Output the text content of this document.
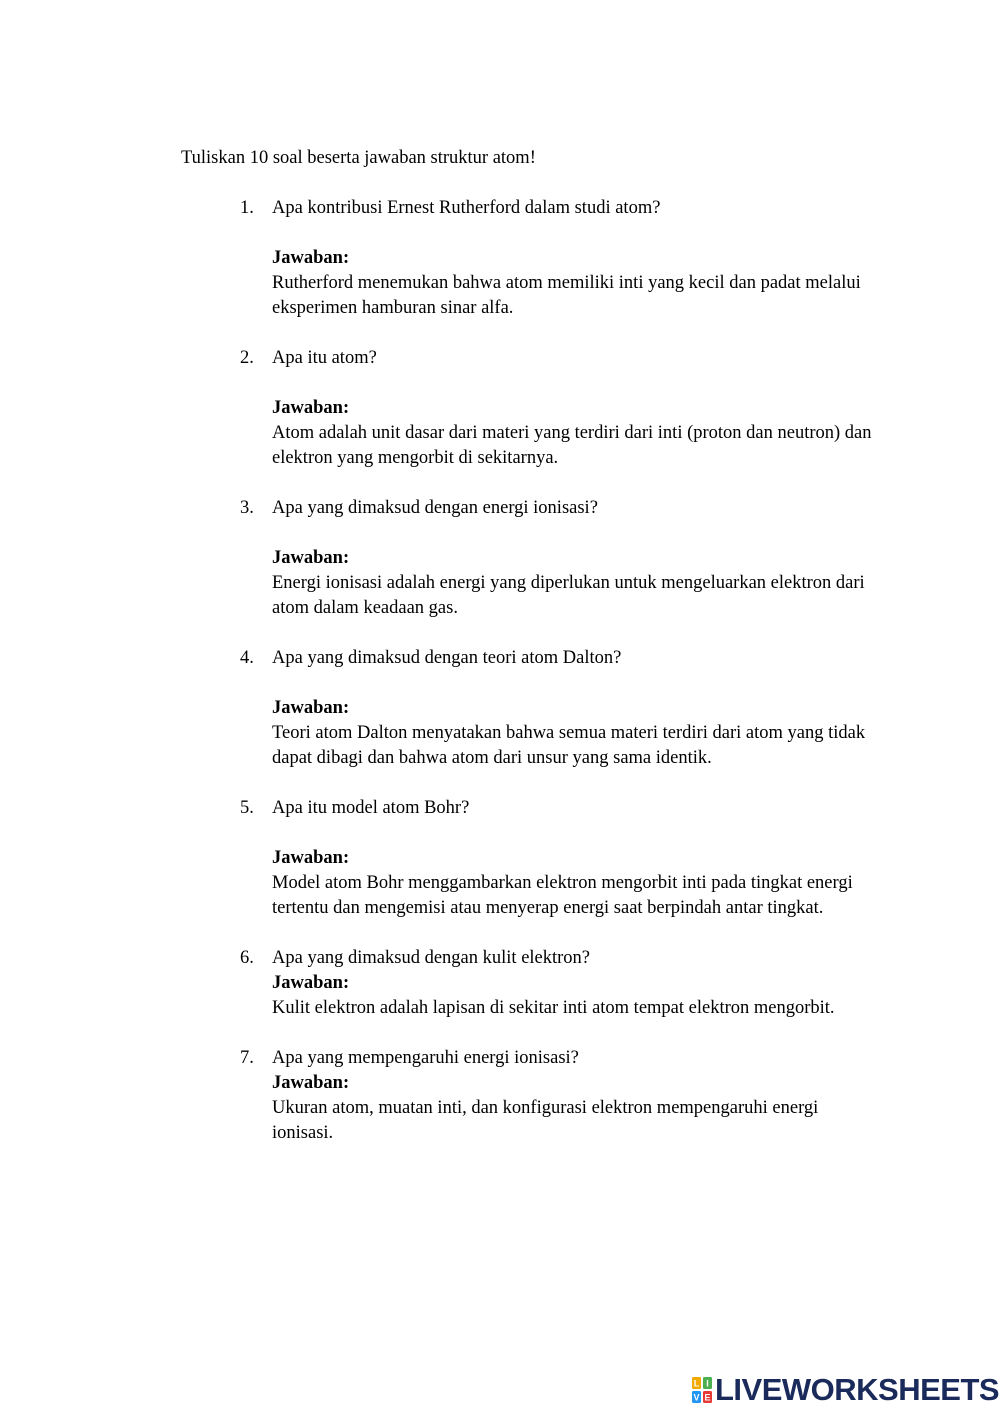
Tuliskan 10 soal beserta jawaban struktur atom!

1. Apa kontribusi Ernest Rutherford dalam studi atom?
Jawaban:
Rutherford menemukan bahwa atom memiliki inti yang kecil dan padat melalui eksperimen hamburan sinar alfa.
2. Apa itu atom?
Jawaban:
Atom adalah unit dasar dari materi yang terdiri dari inti (proton dan neutron) dan elektron yang mengorbit di sekitarnya.
3. Apa yang dimaksud dengan energi ionisasi?
Jawaban:
Energi ionisasi adalah energi yang diperlukan untuk mengeluarkan elektron dari atom dalam keadaan gas.
4. Apa yang dimaksud dengan teori atom Dalton?
Jawaban:
Teori atom Dalton menyatakan bahwa semua materi terdiri dari atom yang tidak dapat dibagi dan bahwa atom dari unsur yang sama identik.
5. Apa itu model atom Bohr?
Jawaban:
Model atom Bohr menggambarkan elektron mengorbit inti pada tingkat energi tertentu dan mengemisi atau menyerap energi saat berpindah antar tingkat.
6. Apa yang dimaksud dengan kulit elektron?
Jawaban:
Kulit elektron adalah lapisan di sekitar inti atom tempat elektron mengorbit.
7. Apa yang mempengaruhi energi ionisasi?
Jawaban:
Ukuran atom, muatan inti, dan konfigurasi elektron mempengaruhi energi ionisasi.
L I
V E LIVEWORKSHEETS
